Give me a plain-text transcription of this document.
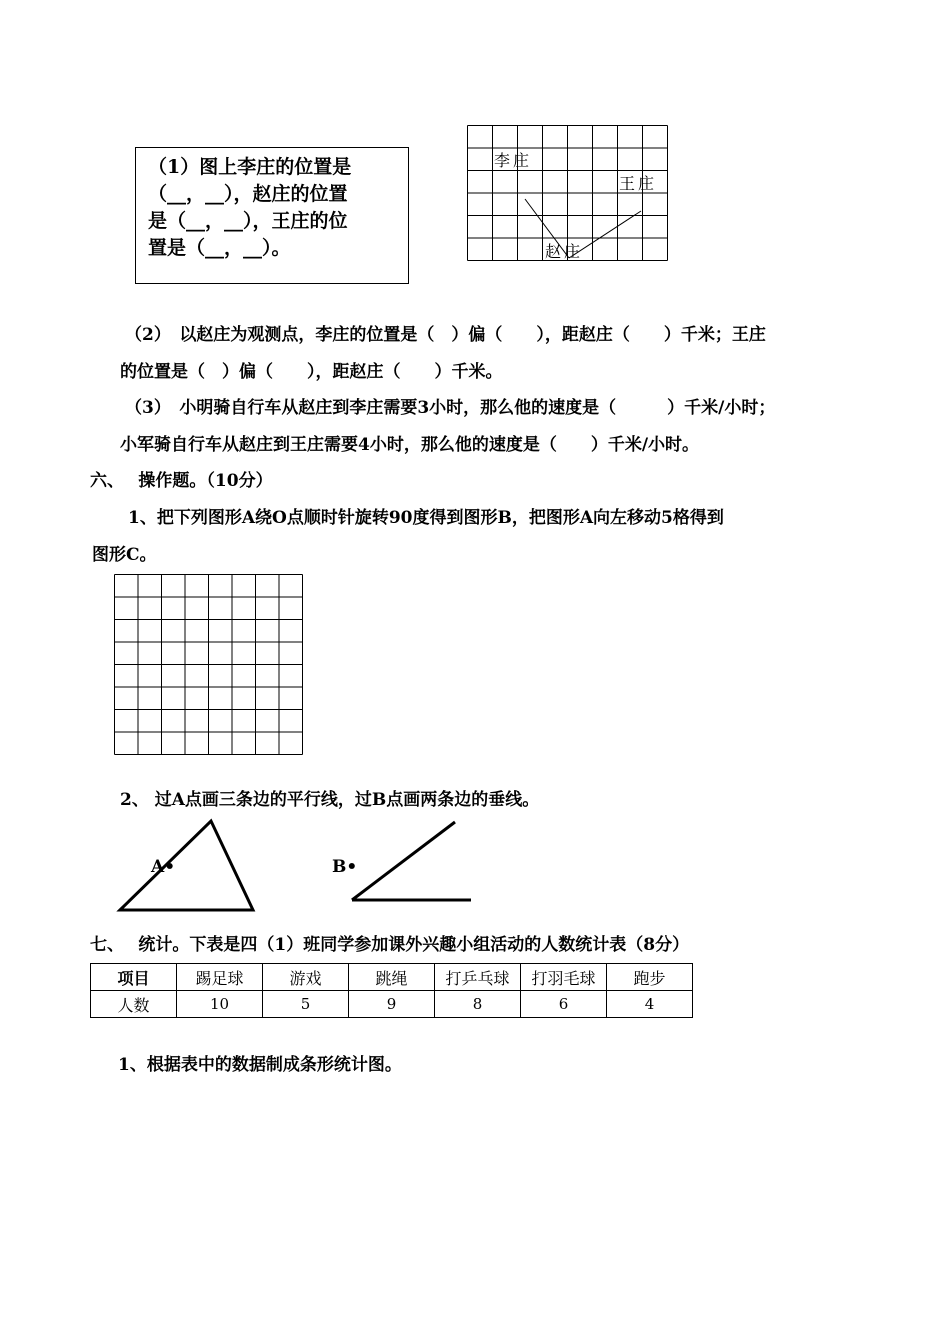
（1）图上李庄的位置是
（__，__），赵庄的位置
是（__，__），王庄的位
置是（__，__）。
李庄
王庄
赵庄
（2）　以赵庄为观测点，李庄的位置是（　）偏（　　），距赵庄（　　）千米；王庄
的位置是（　）偏（　　），距赵庄（　　）千米。
（3）　小明骑自行车从赵庄到李庄需要3小时，那么他的速度是（　　　）千米/小时；
小军骑自行车从赵庄到王庄需要4小时，那么他的速度是（　　）千米/小时。
六、　 操作题。（10分）
1、把下列图形A绕O点顺时针旋转90度得到图形B，把图形A向左移动5格得到
图形C。
2、 过A点画三条边的平行线，过B点画两条边的垂线。
A•	B•
七、　 统计。下表是四（1）班同学参加课外兴趣小组活动的人数统计表（8分）
项目	踢足球	游戏	跳绳	打乒乓球	打羽毛球	跑步
人数	10	5	9	8	6	4
1、根据表中的数据制成条形统计图。
